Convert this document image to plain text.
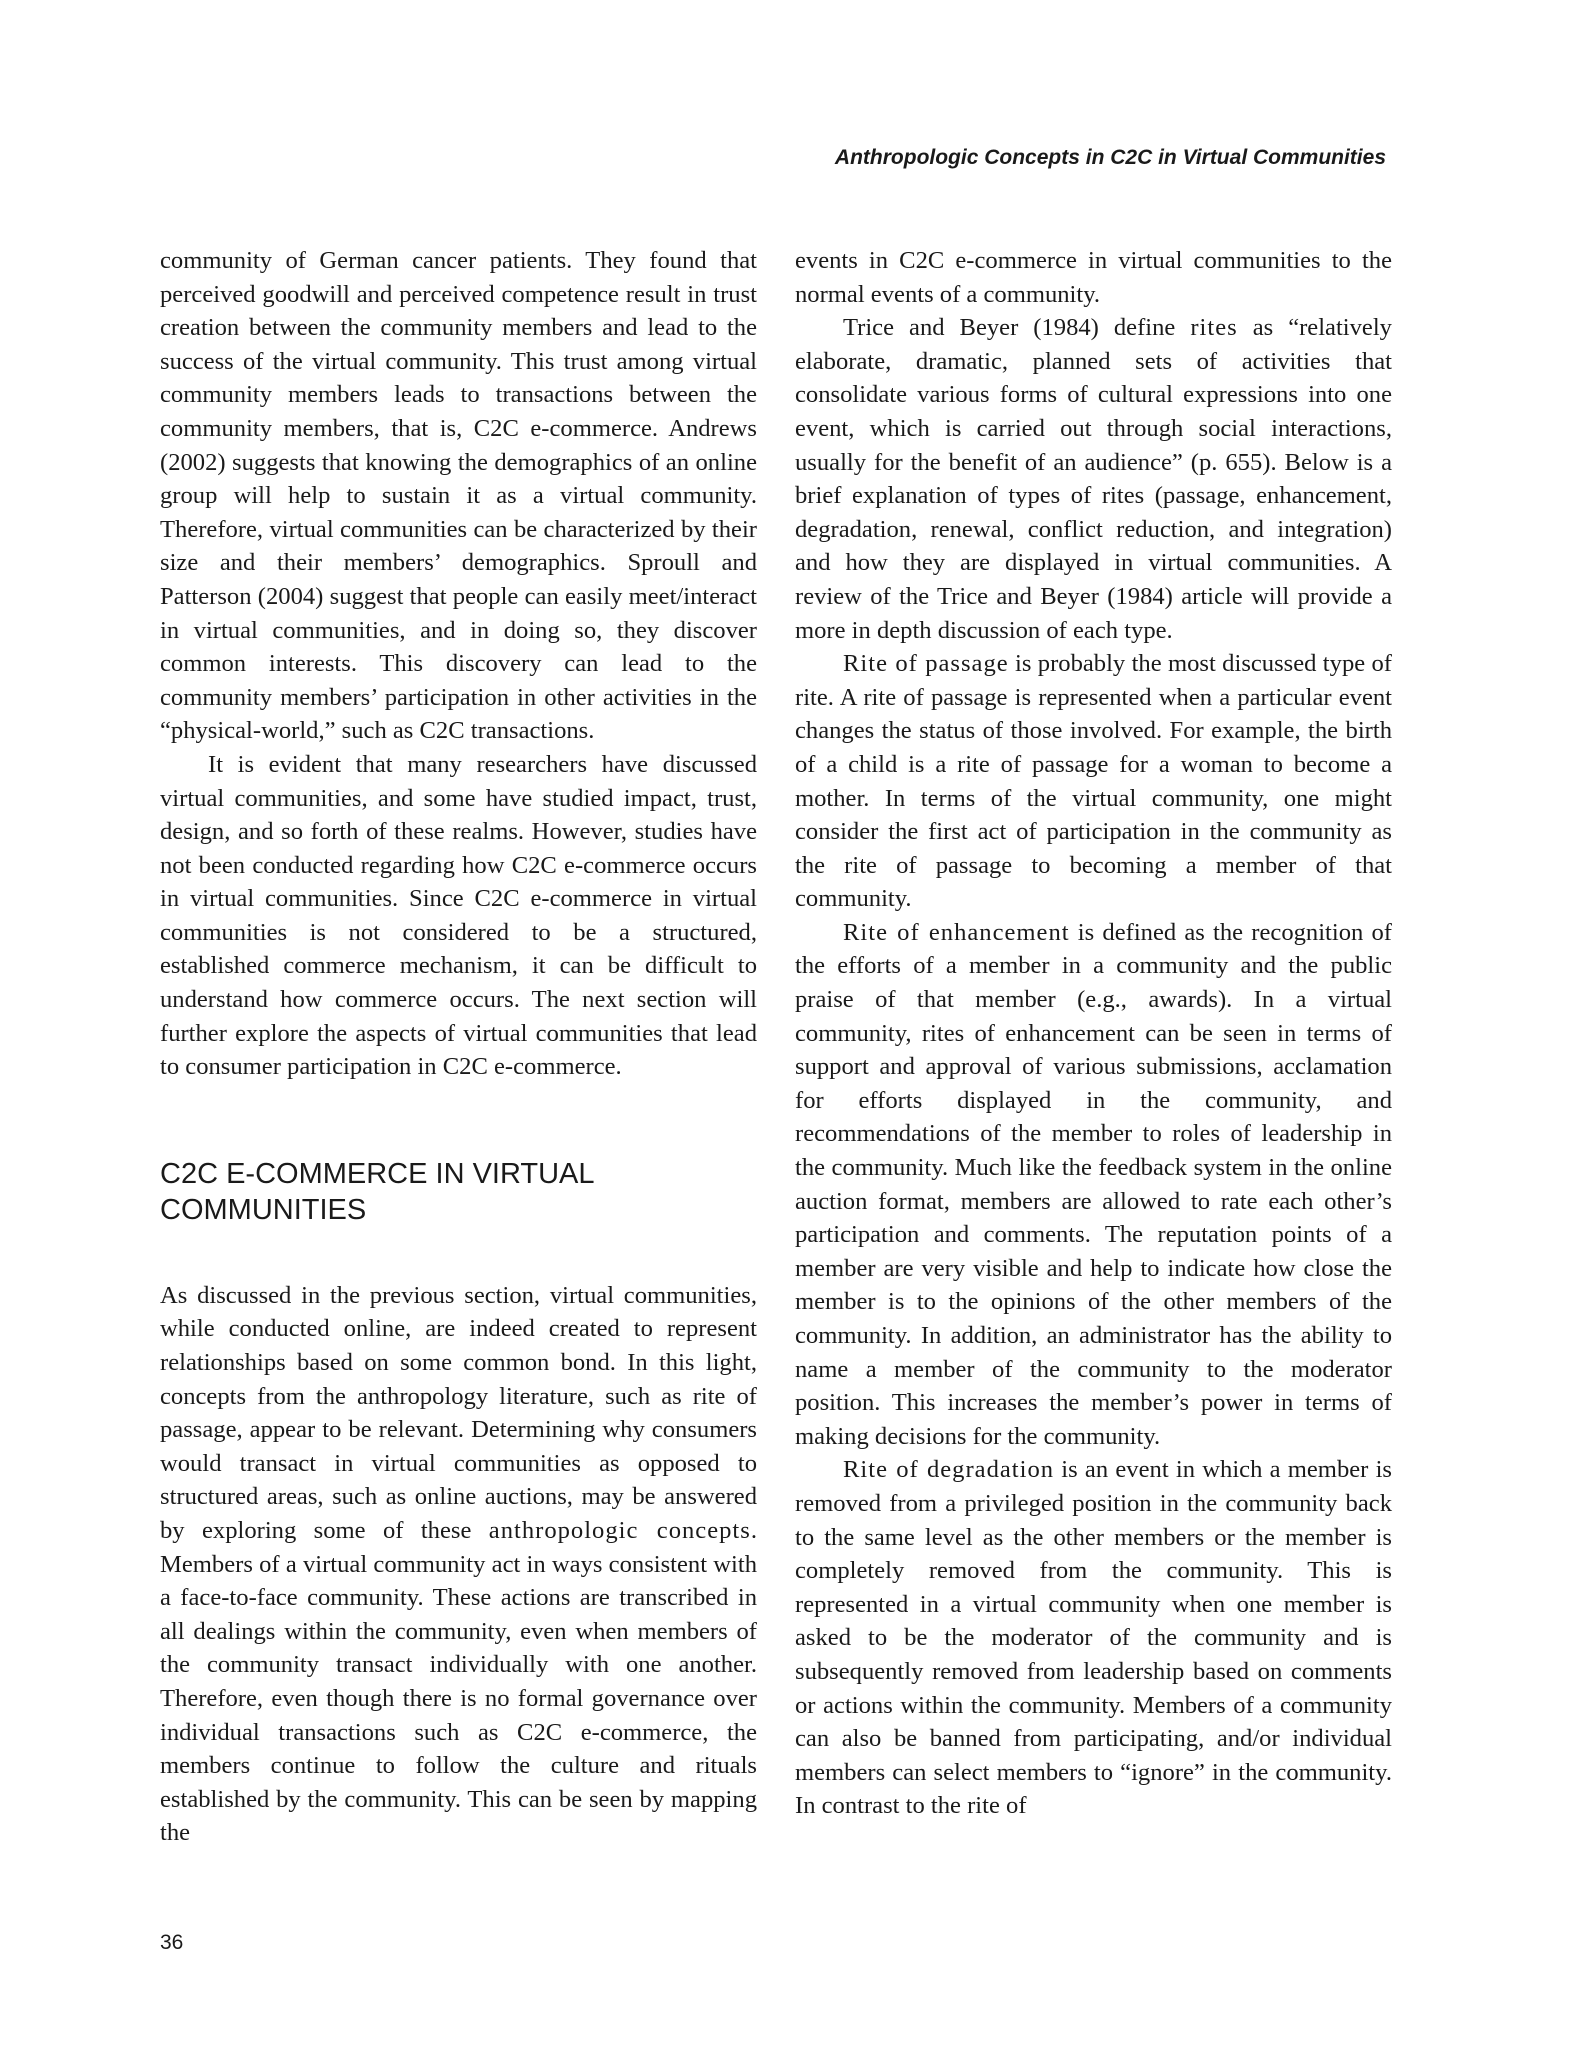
Anthropologic Concepts in C2C in Virtual Communities

community of German cancer patients. They found that perceived goodwill and perceived competence result in trust creation between the community members and lead to the success of the virtual community. This trust among virtual community members leads to transactions between the community members, that is, C2C e-commerce. Andrews (2002) suggests that knowing the demographics of an online group will help to sustain it as a virtual community. Therefore, virtual communities can be characterized by their size and their members’ demographics. Sproull and Patterson (2004) suggest that people can easily meet/interact in virtual communities, and in doing so, they discover common interests. This discovery can lead to the community members’ participation in other activities in the “physical-world,” such as C2C transactions.

It is evident that many researchers have discussed virtual communities, and some have studied impact, trust, design, and so forth of these realms. However, studies have not been conducted regarding how C2C e-commerce occurs in virtual communities. Since C2C e-commerce in virtual communities is not considered to be a structured, established commerce mechanism, it can be difficult to understand how commerce occurs. The next section will further explore the aspects of virtual communities that lead to consumer participation in C2C e-commerce.

C2C E-COMMERCE IN VIRTUAL
COMMUNITIES

As discussed in the previous section, virtual communities, while conducted online, are indeed created to represent relationships based on some common bond. In this light, concepts from the anthropology literature, such as rite of passage, appear to be relevant. Determining why consumers would transact in virtual communities as opposed to structured areas, such as online auctions, may be answered by exploring some of these anthropologic concepts. Members of a virtual community act in ways consistent with a face-to-face community. These actions are transcribed in all dealings within the community, even when members of the community transact individually with one another. Therefore, even though there is no formal governance over individual transactions such as C2C e-commerce, the members continue to follow the culture and rituals established by the community. This can be seen by mapping the

events in C2C e-commerce in virtual communities to the normal events of a community.

Trice and Beyer (1984) define rites as “relatively elaborate, dramatic, planned sets of activities that consolidate various forms of cultural expressions into one event, which is carried out through social interactions, usually for the benefit of an audience” (p. 655). Below is a brief explanation of types of rites (passage, enhancement, degradation, renewal, conflict reduction, and integration) and how they are displayed in virtual communities. A review of the Trice and Beyer (1984) article will provide a more in depth discussion of each type.

Rite of passage is probably the most discussed type of rite. A rite of passage is represented when a particular event changes the status of those involved. For example, the birth of a child is a rite of passage for a woman to become a mother. In terms of the virtual community, one might consider the first act of participation in the community as the rite of passage to becoming a member of that community.

Rite of enhancement is defined as the recognition of the efforts of a member in a community and the public praise of that member (e.g., awards). In a virtual community, rites of enhancement can be seen in terms of support and approval of various submissions, acclamation for efforts displayed in the community, and recommendations of the member to roles of leadership in the community. Much like the feedback system in the online auction format, members are allowed to rate each other’s participation and comments. The reputation points of a member are very visible and help to indicate how close the member is to the opinions of the other members of the community. In addition, an administrator has the ability to name a member of the community to the moderator position. This increases the member’s power in terms of making decisions for the community.

Rite of degradation is an event in which a member is removed from a privileged position in the community back to the same level as the other members or the member is completely removed from the community. This is represented in a virtual community when one member is asked to be the moderator of the community and is subsequently removed from leadership based on comments or actions within the community. Members of a community can also be banned from participating, and/or individual members can select members to “ignore” in the community. In contrast to the rite of

36
